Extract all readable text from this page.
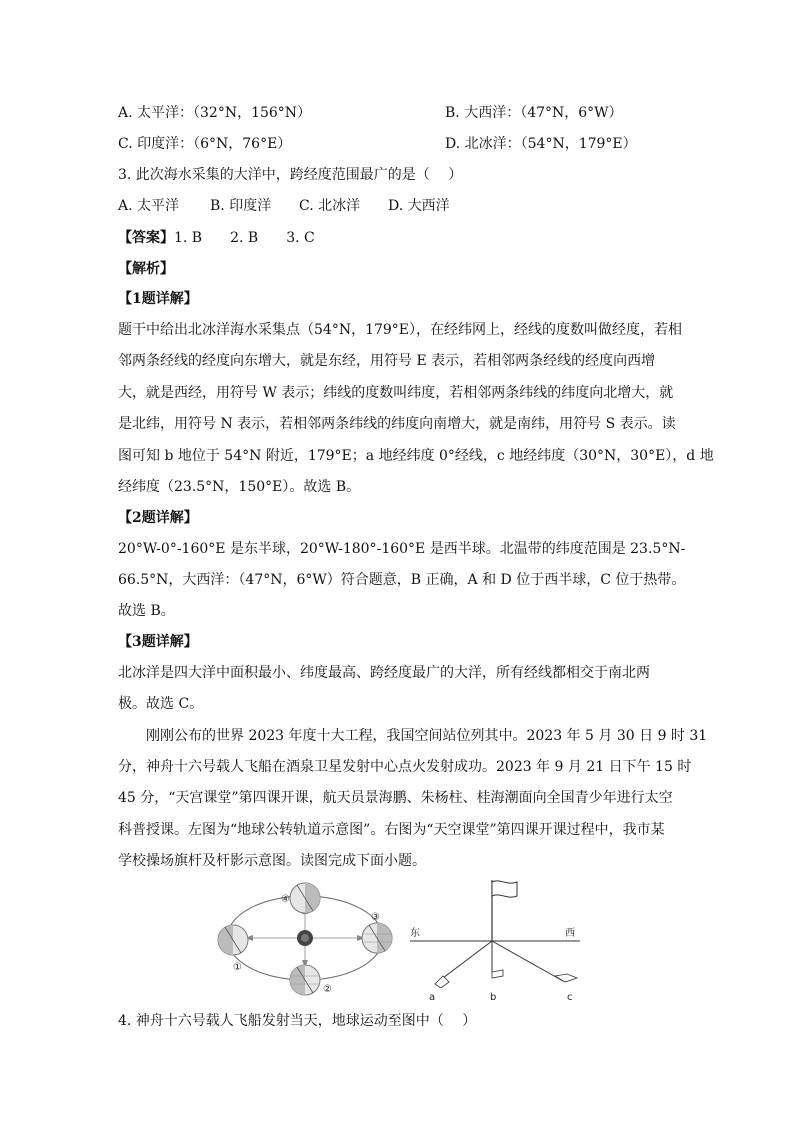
A. 太平洋：（32°N，156°N）	B. 大西洋：（47°N，6°W）
C. 印度洋：（6°N，76°E）	D. 北冰洋：（54°N，179°E）
3. 此次海水采集的大洋中，跨经度范围最广的是（　 ）
A. 太平洋 B. 印度洋 C. 北冰洋 D. 大西洋
【答案】1. B　　2. B　　3. C
【解析】
【1题详解】
题干中给出北冰洋海水采集点（54°N，179°E），在经纬网上，经线的度数叫做经度，若相
邻两条经线的经度向东增大，就是东经，用符号 E 表示，若相邻两条经线的经度向西增
大，就是西经，用符号 W 表示；纬线的度数叫纬度，若相邻两条纬线的纬度向北增大，就
是北纬，用符号 N 表示，若相邻两条纬线的纬度向南增大，就是南纬，用符号 S 表示。读
图可知 b 地位于 54°N 附近，179°E；a 地经纬度 0°经线，c 地经纬度（30°N，30°E），d 地
经纬度（23.5°N，150°E）。故选 B。
【2题详解】
20°W-0°-160°E 是东半球，20°W-180°-160°E 是西半球。北温带的纬度范围是 23.5°N-
66.5°N，大西洋：（47°N，6°W）符合题意，B 正确，A 和 D 位于西半球，C 位于热带。
故选 B。
【3题详解】
北冰洋是四大洋中面积最小、纬度最高、跨经度最广的大洋，所有经线都相交于南北两
极。故选 C。
刚刚公布的世界 2023 年度十大工程，我国空间站位列其中。2023 年 5 月 30 日 9 时 31
分，神舟十六号载人飞船在酒泉卫星发射中心点火发射成功。2023 年 9 月 21 日下午 15 时
45 分，“天宫课堂”第四课开课，航天员景海鹏、朱杨柱、桂海潮面向全国青少年进行太空
科普授课。左图为“地球公转轨道示意图”。右图为“天空课堂”第四课开课过程中，我市某
学校操场旗杆及杆影示意图。读图完成下面小题。
①
②
③
④
东	西
a	b	c
4. 神舟十六号载人飞船发射当天，地球运动至图中（　 ）
